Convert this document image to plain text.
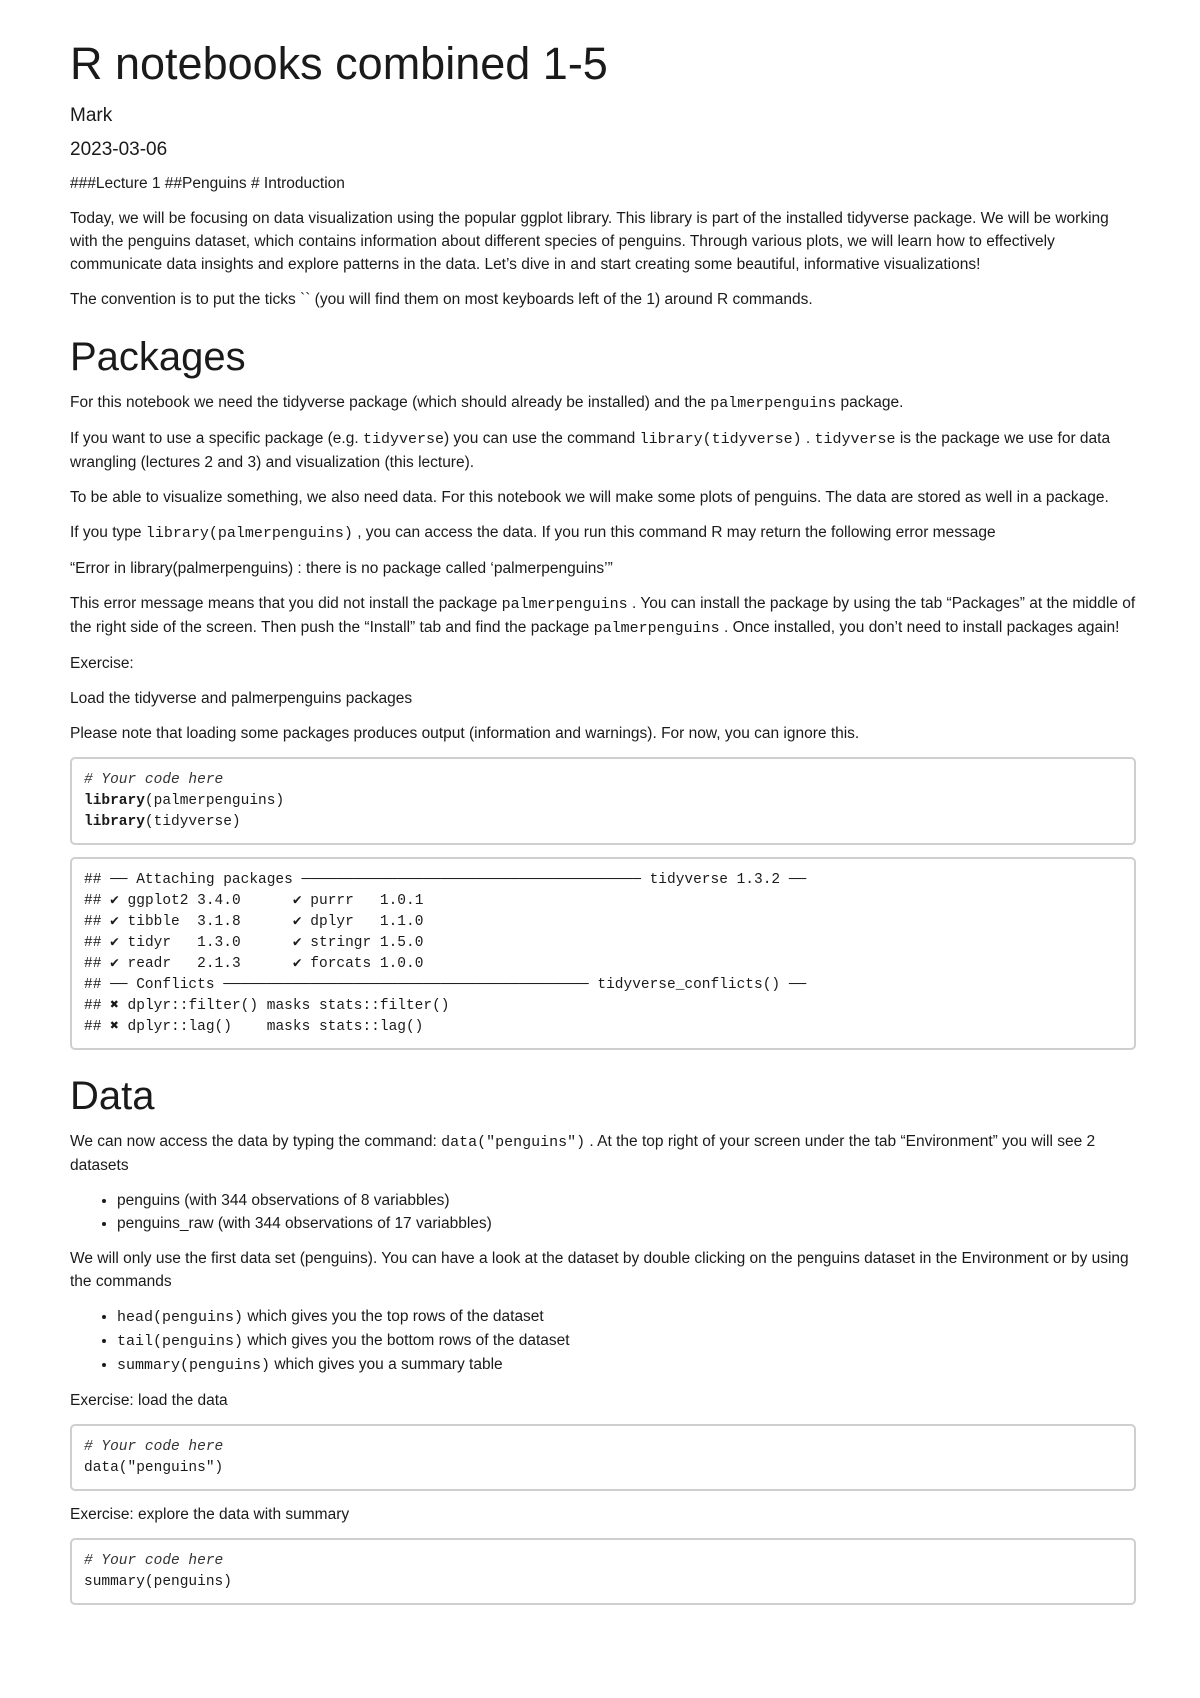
R notebooks combined 1-5
Mark
2023-03-06

###Lecture 1 ##Penguins # Introduction

Today, we will be focusing on data visualization using the popular ggplot library. This library is part of the installed tidyverse package. We will be working with the penguins dataset, which contains information about different species of penguins. Through various plots, we will learn how to effectively communicate data insights and explore patterns in the data. Let’s dive in and start creating some beautiful, informative visualizations!

The convention is to put the ticks `` (you will find them on most keyboards left of the 1) around R commands.

Packages

For this notebook we need the tidyverse package (which should already be installed) and the palmerpenguins package.

If you want to use a specific package (e.g. tidyverse) you can use the command library(tidyverse) . tidyverse is the package we use for data wrangling (lectures 2 and 3) and visualization (this lecture).

To be able to visualize something, we also need data. For this notebook we will make some plots of penguins. The data are stored as well in a package.

If you type library(palmerpenguins) , you can access the data. If you run this command R may return the following error message

“Error in library(palmerpenguins) : there is no package called ‘palmerpenguins’”

This error message means that you did not install the package palmerpenguins . You can install the package by using the tab “Packages” at the middle of the right side of the screen. Then push the “Install” tab and find the package palmerpenguins . Once installed, you don’t need to install packages again!

Exercise:

Load the tidyverse and palmerpenguins packages

Please note that loading some packages produces output (information and warnings). For now, you can ignore this.

# Your code here
library(palmerpenguins)
library(tidyverse)
## ── Attaching packages ─────────────────────────────────────── tidyverse 1.3.2 ──
## ✔ ggplot2 3.4.0      ✔ purrr   1.0.1
## ✔ tibble  3.1.8      ✔ dplyr   1.1.0
## ✔ tidyr   1.3.0      ✔ stringr 1.5.0
## ✔ readr   2.1.3      ✔ forcats 1.0.0
## ── Conflicts ────────────────────────────────────────── tidyverse_conflicts() ──
## ✖ dplyr::filter() masks stats::filter()
## ✖ dplyr::lag()    masks stats::lag()
Data

We can now access the data by typing the command: data("penguins") . At the top right of your screen under the tab “Environment” you will see 2 datasets

• penguins (with 344 observations of 8 variabbles)
• penguins_raw (with 344 observations of 17 variabbles)

We will only use the first data set (penguins). You can have a look at the dataset by double clicking on the penguins dataset in the Environment or by using the commands

• head(penguins) which gives you the top rows of the dataset
• tail(penguins) which gives you the bottom rows of the dataset
• summary(penguins) which gives you a summary table

Exercise: load the data

# Your code here
data("penguins")

Exercise: explore the data with summary

# Your code here
summary(penguins)
